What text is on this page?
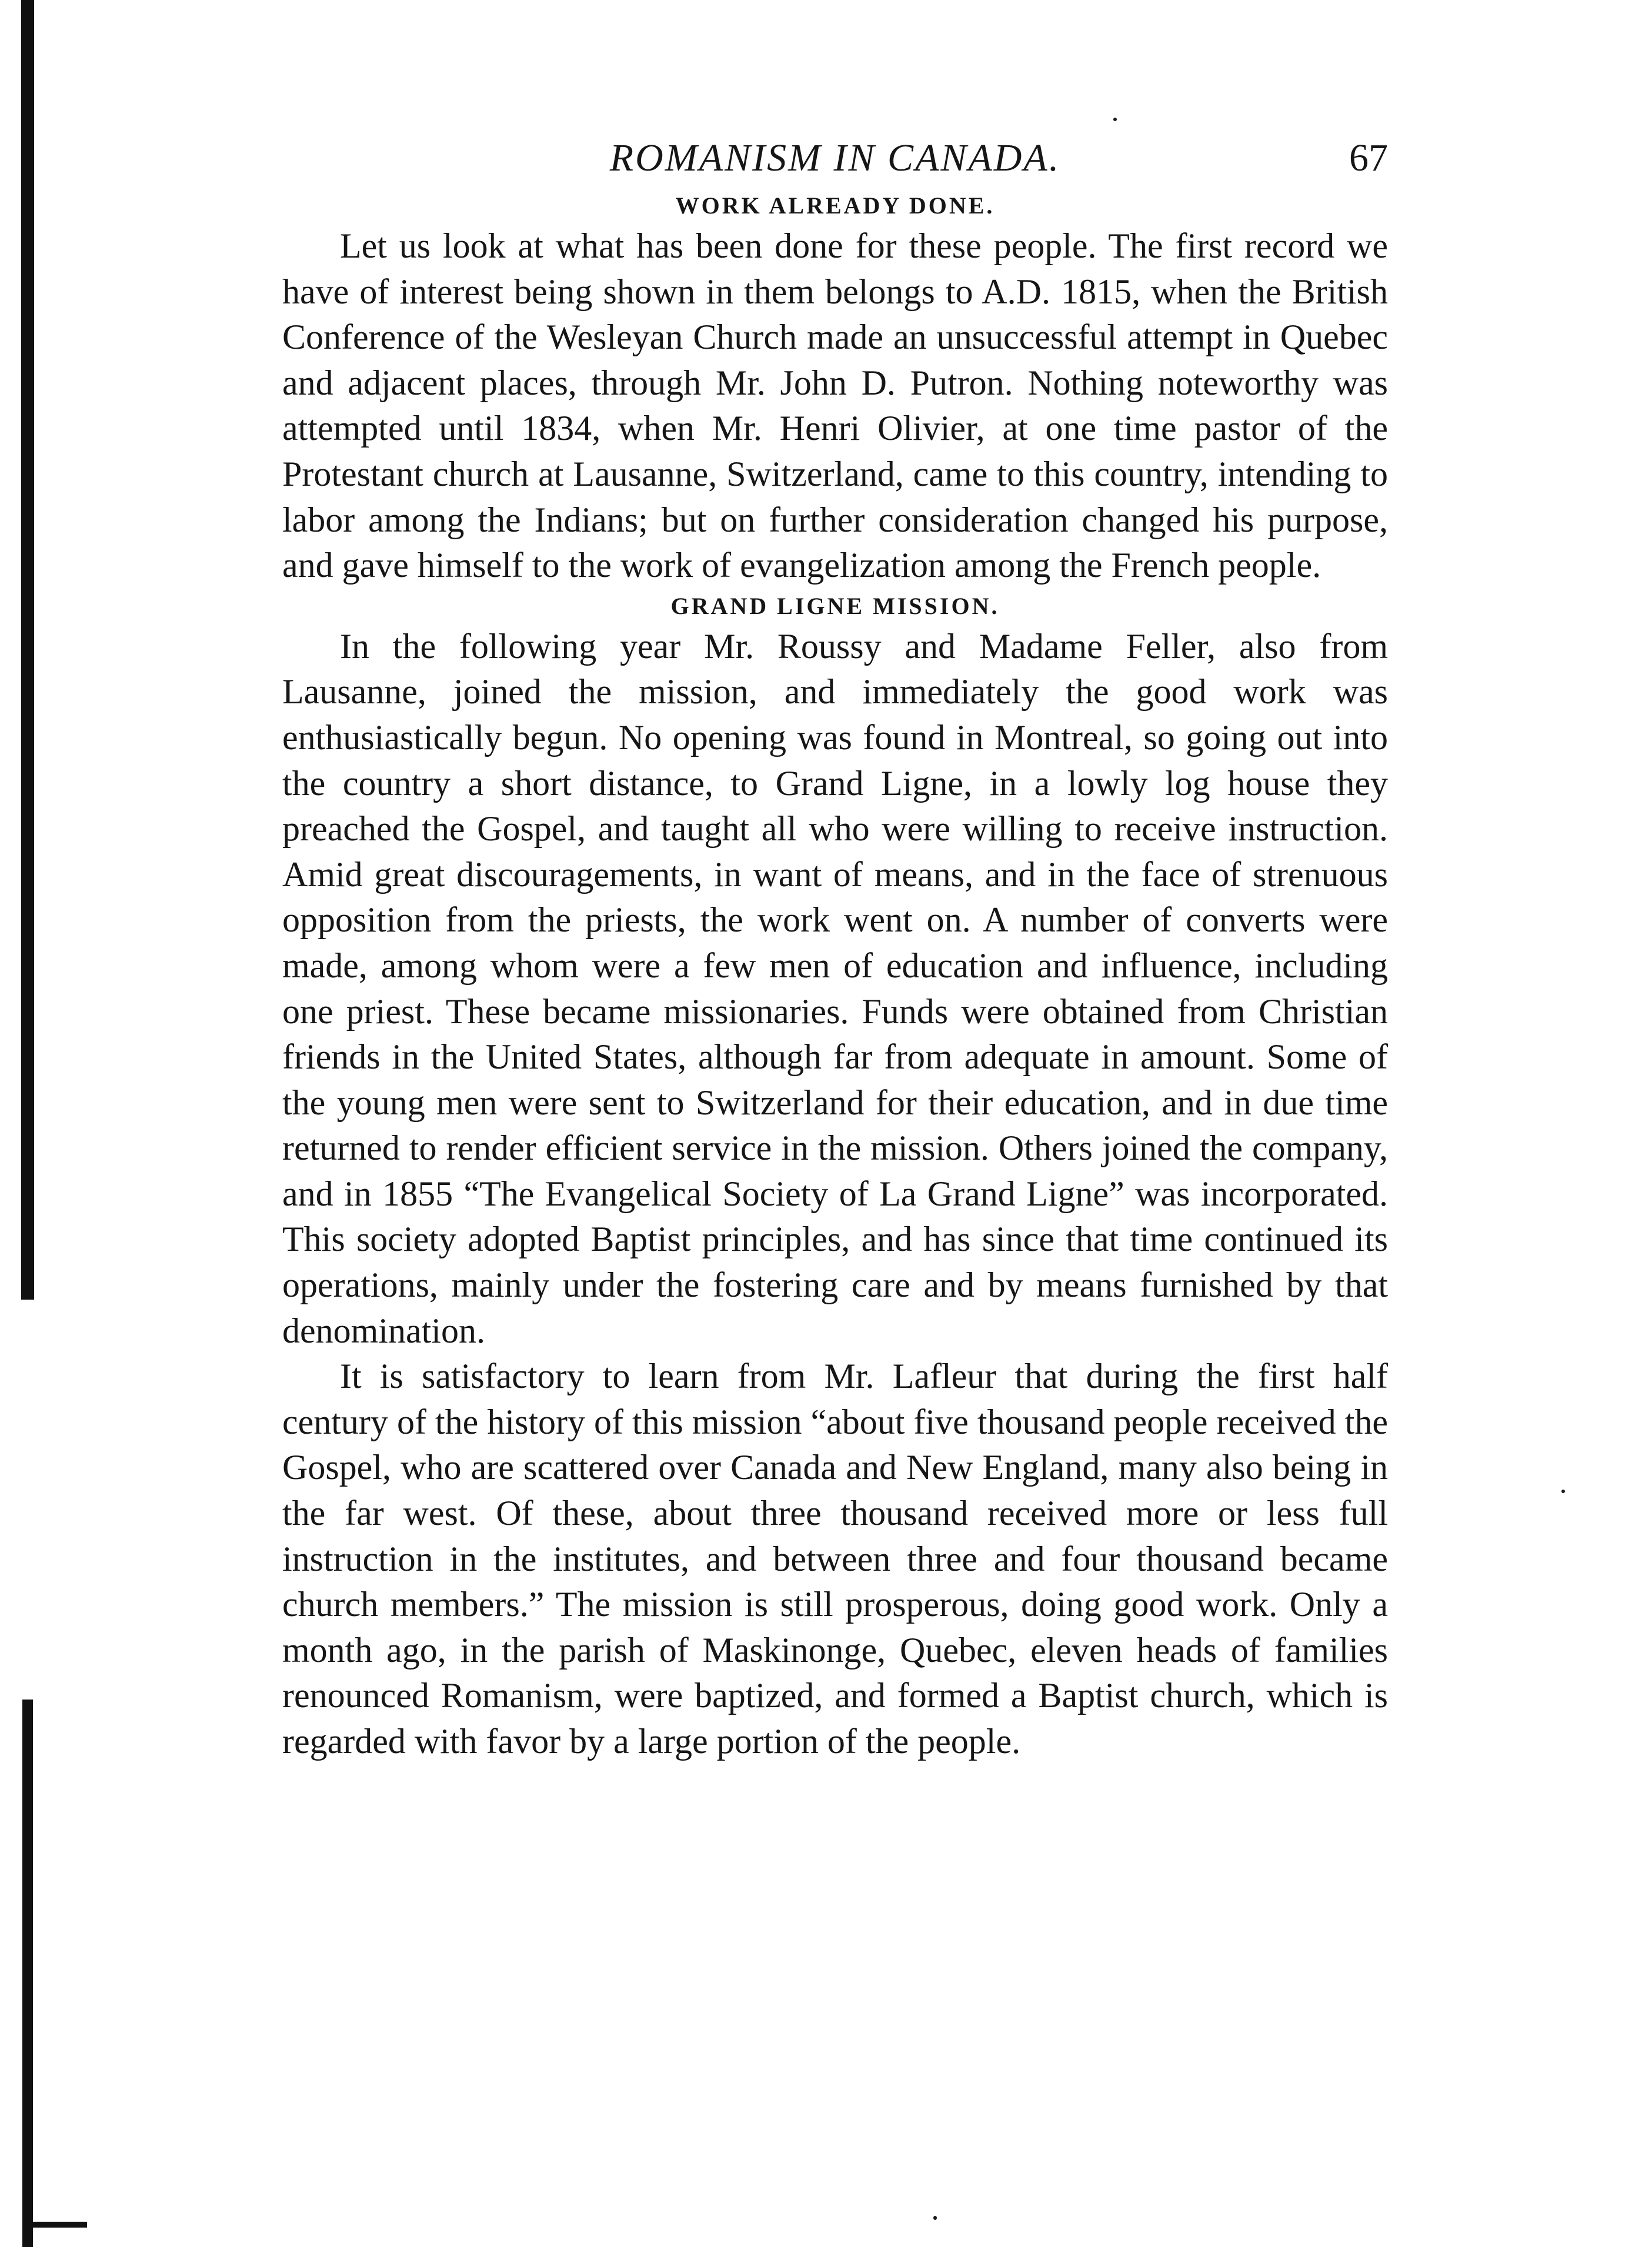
ROMANISM IN CANADA.	67
WORK ALREADY DONE.

Let us look at what has been done for these people. The first record we have of interest being shown in them belongs to A.D. 1815, when the British Conference of the Wesleyan Church made an unsuccessful attempt in Quebec and adjacent places, through Mr. John D. Putron. Nothing noteworthy was attempted until 1834, when Mr. Henri Olivier, at one time pastor of the Protestant church at Lausanne, Switzerland, came to this country, intending to labor among the Indians; but on further consideration changed his purpose, and gave himself to the work of evangelization among the French people.

GRAND LIGNE MISSION.

In the following year Mr. Roussy and Madame Feller, also from Lausanne, joined the mission, and immediately the good work was enthusiastically begun. No opening was found in Montreal, so going out into the country a short distance, to Grand Ligne, in a lowly log house they preached the Gospel, and taught all who were willing to receive instruction. Amid great discouragements, in want of means, and in the face of strenuous opposition from the priests, the work went on. A number of converts were made, among whom were a few men of education and influence, including one priest. These became missionaries. Funds were obtained from Christian friends in the United States, although far from adequate in amount. Some of the young men were sent to Switzerland for their education, and in due time returned to render efficient service in the mission. Others joined the company, and in 1855 “The Evangelical Society of La Grand Ligne” was incorporated. This society adopted Baptist principles, and has since that time continued its operations, mainly under the fostering care and by means furnished by that denomination.

It is satisfactory to learn from Mr. Lafleur that during the first half century of the history of this mission “about five thousand people received the Gospel, who are scattered over Canada and New England, many also being in the far west. Of these, about three thousand received more or less full instruction in the institutes, and between three and four thousand became church members.” The mission is still prosperous, doing good work. Only a month ago, in the parish of Maskinonge, Quebec, eleven heads of families renounced Romanism, were baptized, and formed a Baptist church, which is regarded with favor by a large portion of the people.
